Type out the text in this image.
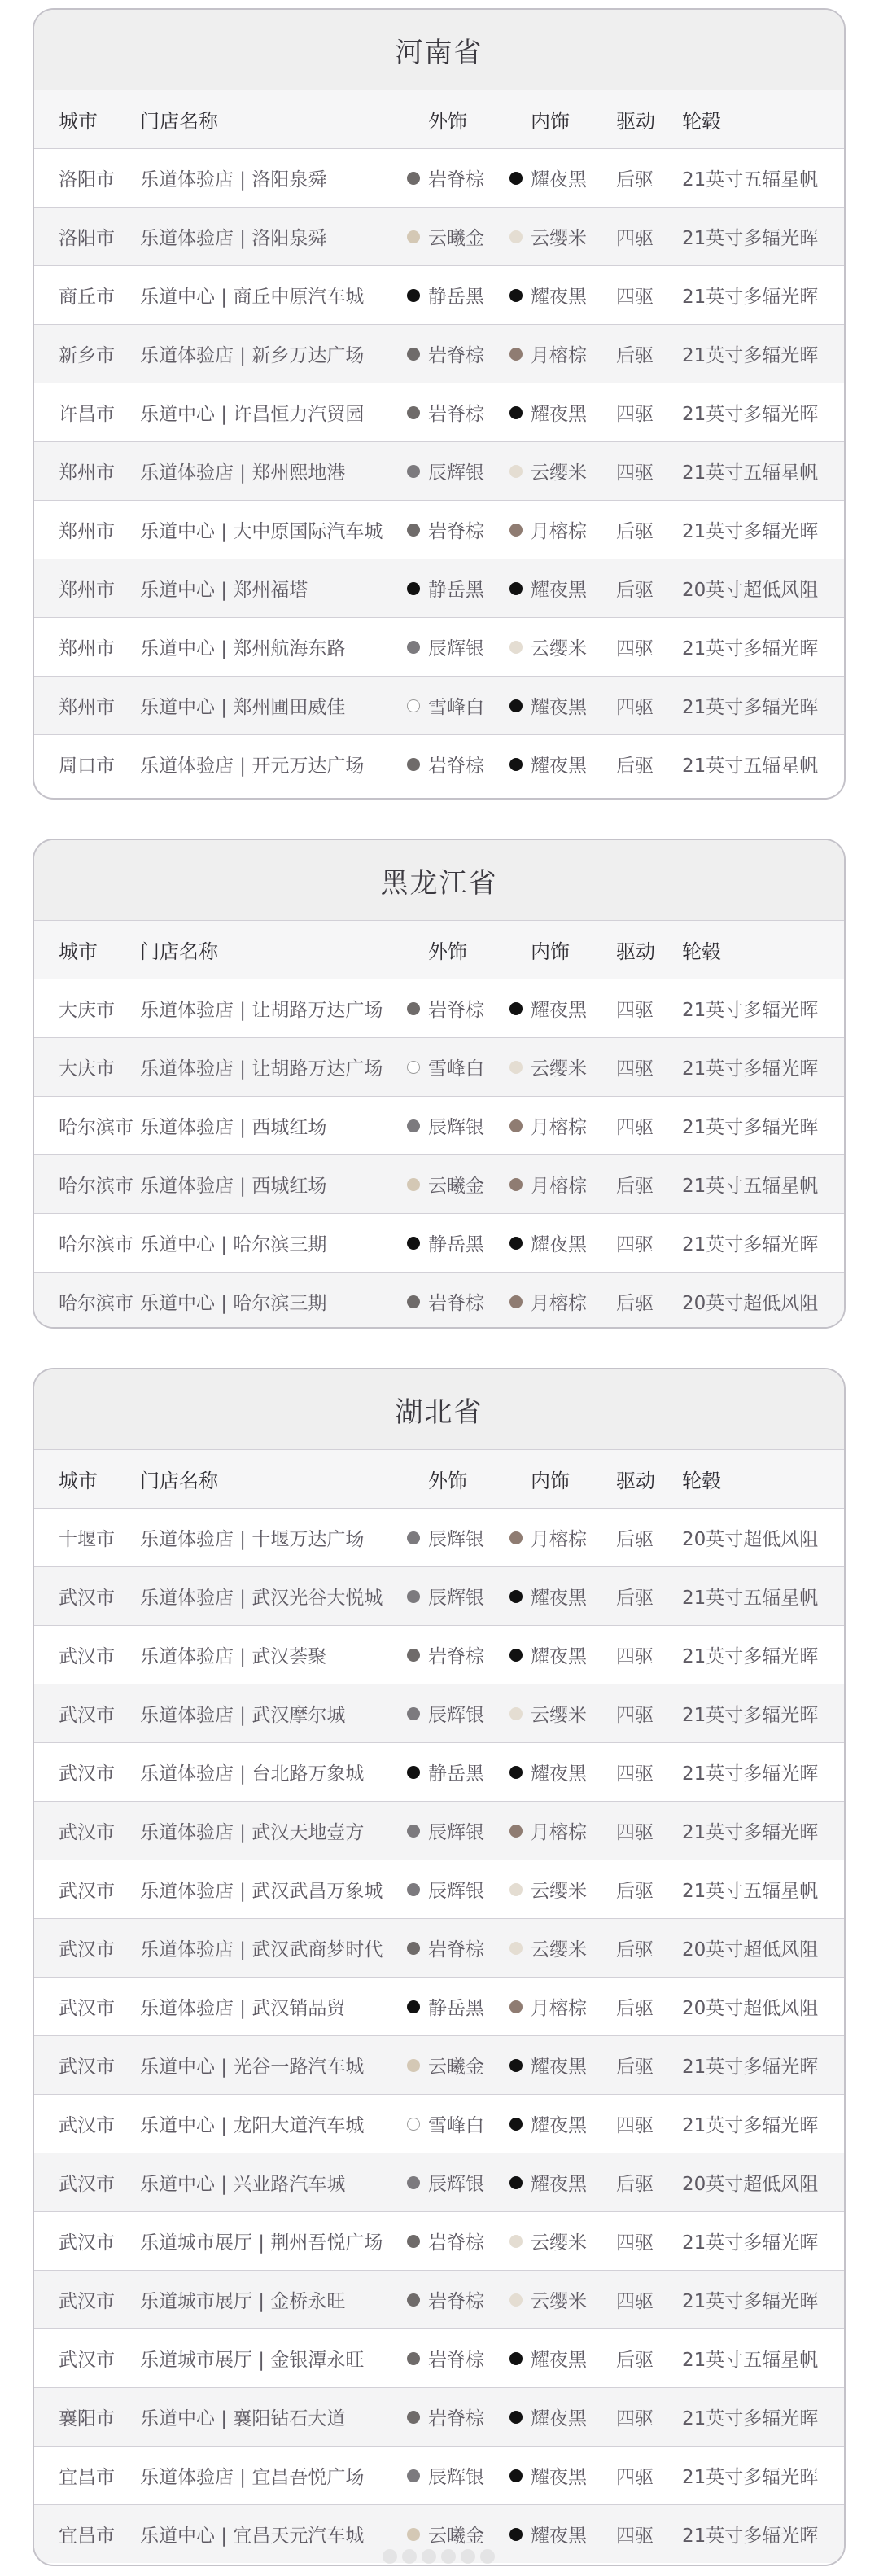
河南省
城市 门店名称	外饰	内饰 驱动 轮毂
洛阳市 乐道体验店 | 洛阳泉舜	岩脊棕 耀夜黑 后驱 21英寸五辐星帆
洛阳市 乐道体验店 | 洛阳泉舜	云曦金 云缨米 四驱 21英寸多辐光晖
商丘市 乐道中心 | 商丘中原汽车城	静岳黑 耀夜黑 四驱 21英寸多辐光晖
新乡市 乐道体验店 | 新乡万达广场	岩脊棕 月榕棕 后驱 21英寸多辐光晖
许昌市 乐道中心 | 许昌恒力汽贸园	岩脊棕 耀夜黑 四驱 21英寸多辐光晖
郑州市 乐道体验店 | 郑州熙地港	辰辉银 云缨米 四驱 21英寸五辐星帆
郑州市 乐道中心 | 大中原国际汽车城 岩脊棕 月榕棕 后驱 21英寸多辐光晖
郑州市 乐道中心 | 郑州福塔	静岳黑 耀夜黑 后驱 20英寸超低风阻
郑州市 乐道中心 | 郑州航海东路	辰辉银 云缨米 四驱 21英寸多辐光晖
郑州市 乐道中心 | 郑州圃田威佳	雪峰白 耀夜黑 四驱 21英寸多辐光晖
周口市 乐道体验店 | 开元万达广场	岩脊棕 耀夜黑 后驱 21英寸五辐星帆
黑龙江省
城市 门店名称	外饰	内饰 驱动 轮毂
大庆市 乐道体验店 | 让胡路万达广场 岩脊棕 耀夜黑 四驱 21英寸多辐光晖
大庆市 乐道体验店 | 让胡路万达广场 雪峰白 云缨米 四驱 21英寸多辐光晖
哈尔滨市 乐道体验店 | 西城红场	辰辉银 月榕棕 四驱 21英寸多辐光晖
哈尔滨市 乐道体验店 | 西城红场	云曦金 月榕棕 后驱 21英寸五辐星帆
哈尔滨市 乐道中心 | 哈尔滨三期	静岳黑 耀夜黑 四驱 21英寸多辐光晖
哈尔滨市 乐道中心 | 哈尔滨三期	岩脊棕 月榕棕 后驱 20英寸超低风阻
湖北省
城市 门店名称	外饰	内饰 驱动 轮毂
十堰市 乐道体验店 | 十堰万达广场	辰辉银 月榕棕 后驱 20英寸超低风阻
武汉市 乐道体验店 | 武汉光谷大悦城 辰辉银 耀夜黑 后驱 21英寸五辐星帆
武汉市 乐道体验店 | 武汉荟聚	岩脊棕 耀夜黑 四驱 21英寸多辐光晖
武汉市 乐道体验店 | 武汉摩尔城	辰辉银 云缨米 四驱 21英寸多辐光晖
武汉市 乐道体验店 | 台北路万象城	静岳黑 耀夜黑 四驱 21英寸多辐光晖
武汉市 乐道体验店 | 武汉天地壹方	辰辉银 月榕棕 四驱 21英寸多辐光晖
武汉市 乐道体验店 | 武汉武昌万象城 辰辉银 云缨米 后驱 21英寸五辐星帆
武汉市 乐道体验店 | 武汉武商梦时代 岩脊棕 云缨米 后驱 20英寸超低风阻
武汉市 乐道体验店 | 武汉销品贸	静岳黑 月榕棕 后驱 20英寸超低风阻
武汉市 乐道中心 | 光谷一路汽车城	云曦金 耀夜黑 后驱 21英寸多辐光晖
武汉市 乐道中心 | 龙阳大道汽车城	雪峰白 耀夜黑 四驱 21英寸多辐光晖
武汉市 乐道中心 | 兴业路汽车城	辰辉银 耀夜黑 后驱 20英寸超低风阻
武汉市 乐道城市展厅 | 荆州吾悦广场 岩脊棕 云缨米 四驱 21英寸多辐光晖
武汉市 乐道城市展厅 | 金桥永旺	岩脊棕 云缨米 四驱 21英寸多辐光晖
武汉市 乐道城市展厅 | 金银潭永旺	岩脊棕 耀夜黑 后驱 21英寸五辐星帆
襄阳市 乐道中心 | 襄阳钻石大道	岩脊棕 耀夜黑 四驱 21英寸多辐光晖
宜昌市 乐道体验店 | 宜昌吾悦广场	辰辉银 耀夜黑 四驱 21英寸多辐光晖
宜昌市 乐道中心 | 宜昌天元汽车城	云曦金 耀夜黑 四驱 21英寸多辐光晖
